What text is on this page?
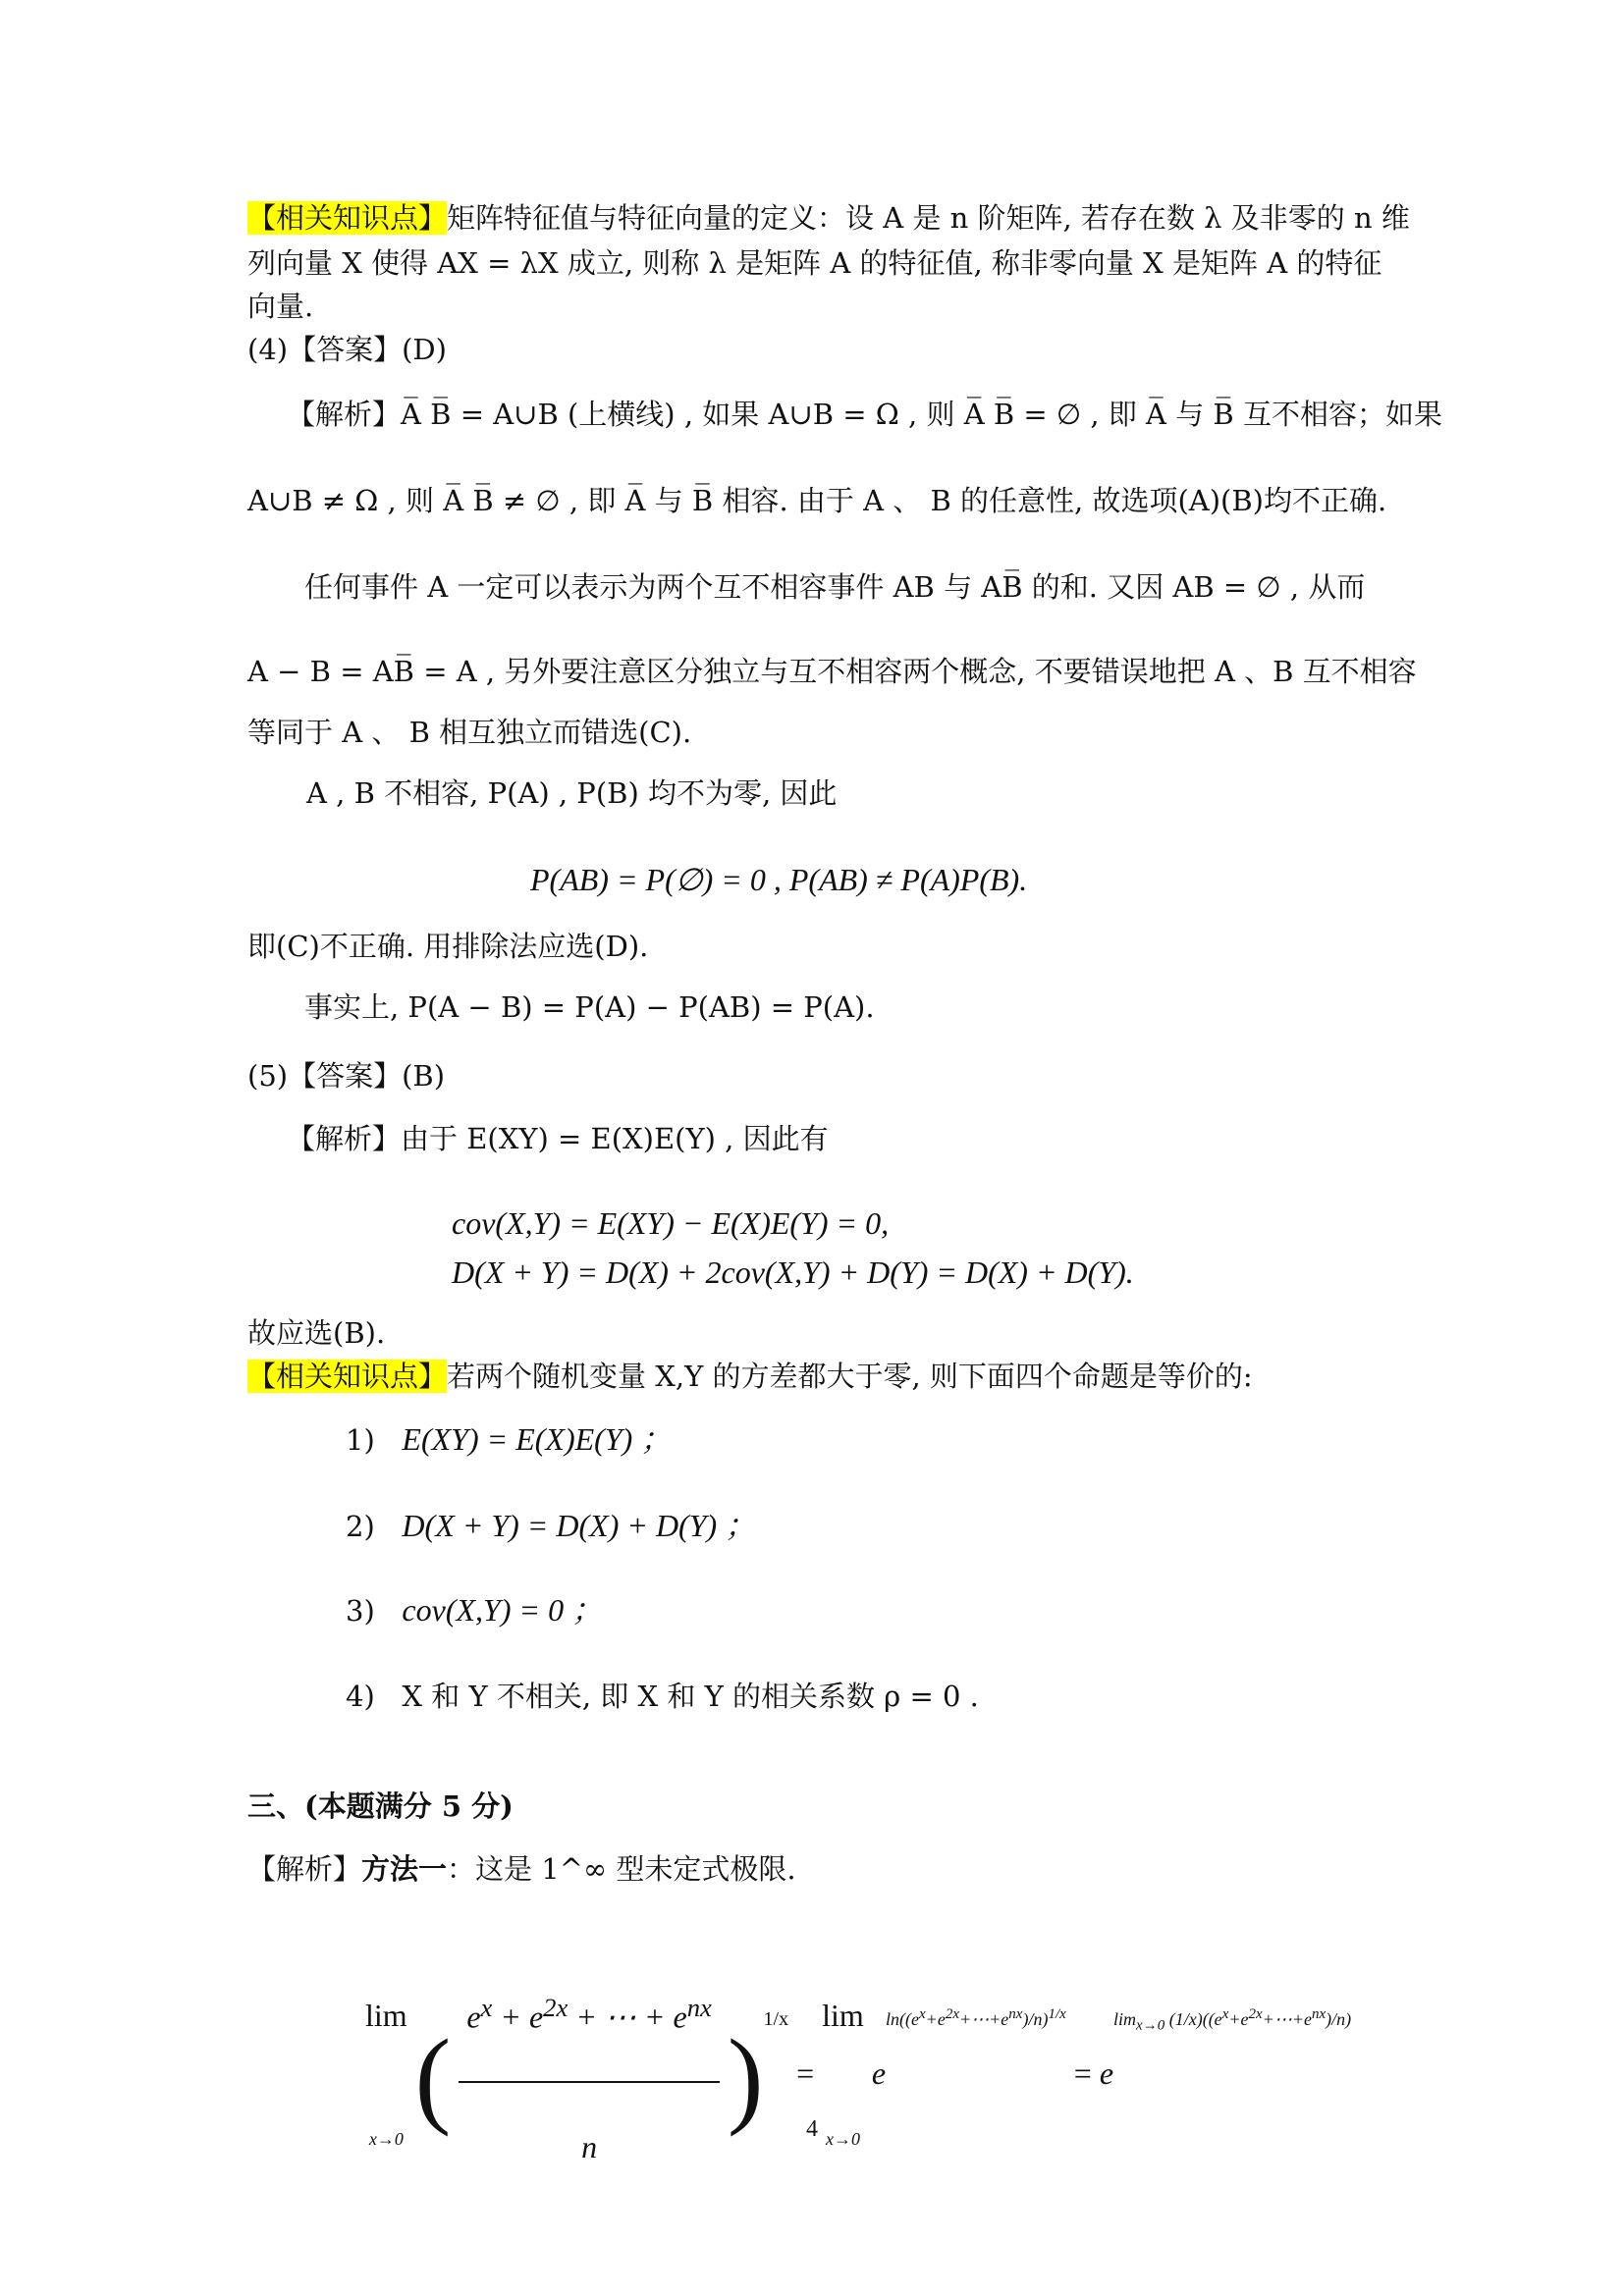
【相关知识点】矩阵特征值与特征向量的定义：设 A 是 n 阶矩阵, 若存在数 λ 及非零的 n 维
列向量 X 使得 AX = λX 成立, 则称 λ 是矩阵 A 的特征值, 称非零向量 X 是矩阵 A 的特征
向量.
(4)【答案】(D)
【解析】A̅ B̅ = A∪B (上横线) , 如果 A∪B = Ω , 则 A̅ B̅ = ∅ , 即 A̅ 与 B̅ 互不相容；如果
A∪B ≠ Ω , 则 A̅ B̅ ≠ ∅ , 即 A̅ 与 B̅ 相容. 由于 A 、 B 的任意性, 故选项(A)(B)均不正确.
任何事件 A 一定可以表示为两个互不相容事件 AB 与 AB̅ 的和. 又因 AB = ∅ , 从而
A − B = AB̅ = A , 另外要注意区分独立与互不相容两个概念, 不要错误地把 A 、B 互不相容
等同于 A 、 B 相互独立而错选(C).
A , B 不相容, P(A) , P(B) 均不为零, 因此
P(AB) = P(∅) = 0 , P(AB) ≠ P(A)P(B).
即(C)不正确. 用排除法应选(D).
事实上, P(A − B) = P(A) − P(AB) = P(A).
(5)【答案】(B)
【解析】由于 E(XY) = E(X)E(Y) , 因此有
cov(X,Y) = E(XY) − E(X)E(Y) = 0,
D(X + Y) = D(X) + 2cov(X,Y) + D(Y) = D(X) + D(Y).
故应选(B).
【相关知识点】若两个随机变量 X,Y 的方差都大于零, 则下面四个命题是等价的:
1) E(XY) = E(X)E(Y) ；
2) D(X + Y) = D(X) + D(Y) ；
3) cov(X,Y) = 0 ；
4) X 和 Y 不相关, 即 X 和 Y 的相关系数 ρ = 0 .
三、(本题满分 5 分)
【解析】方法一：这是 1^∞ 型未定式极限.
lim
x→0
( $\frac{e^x + e^{2x} + \cdots + e^{nx}}{n} )^{1/x} = \lim$
x→0
$e^{ln((e^x+e^{2x}+\cdots+e^{nx})/n)^{1/x}} = e^{lim_{x\to 0} (1/x)((e^x+e^{2x}+\cdots+e^{nx})/n)}$
4
